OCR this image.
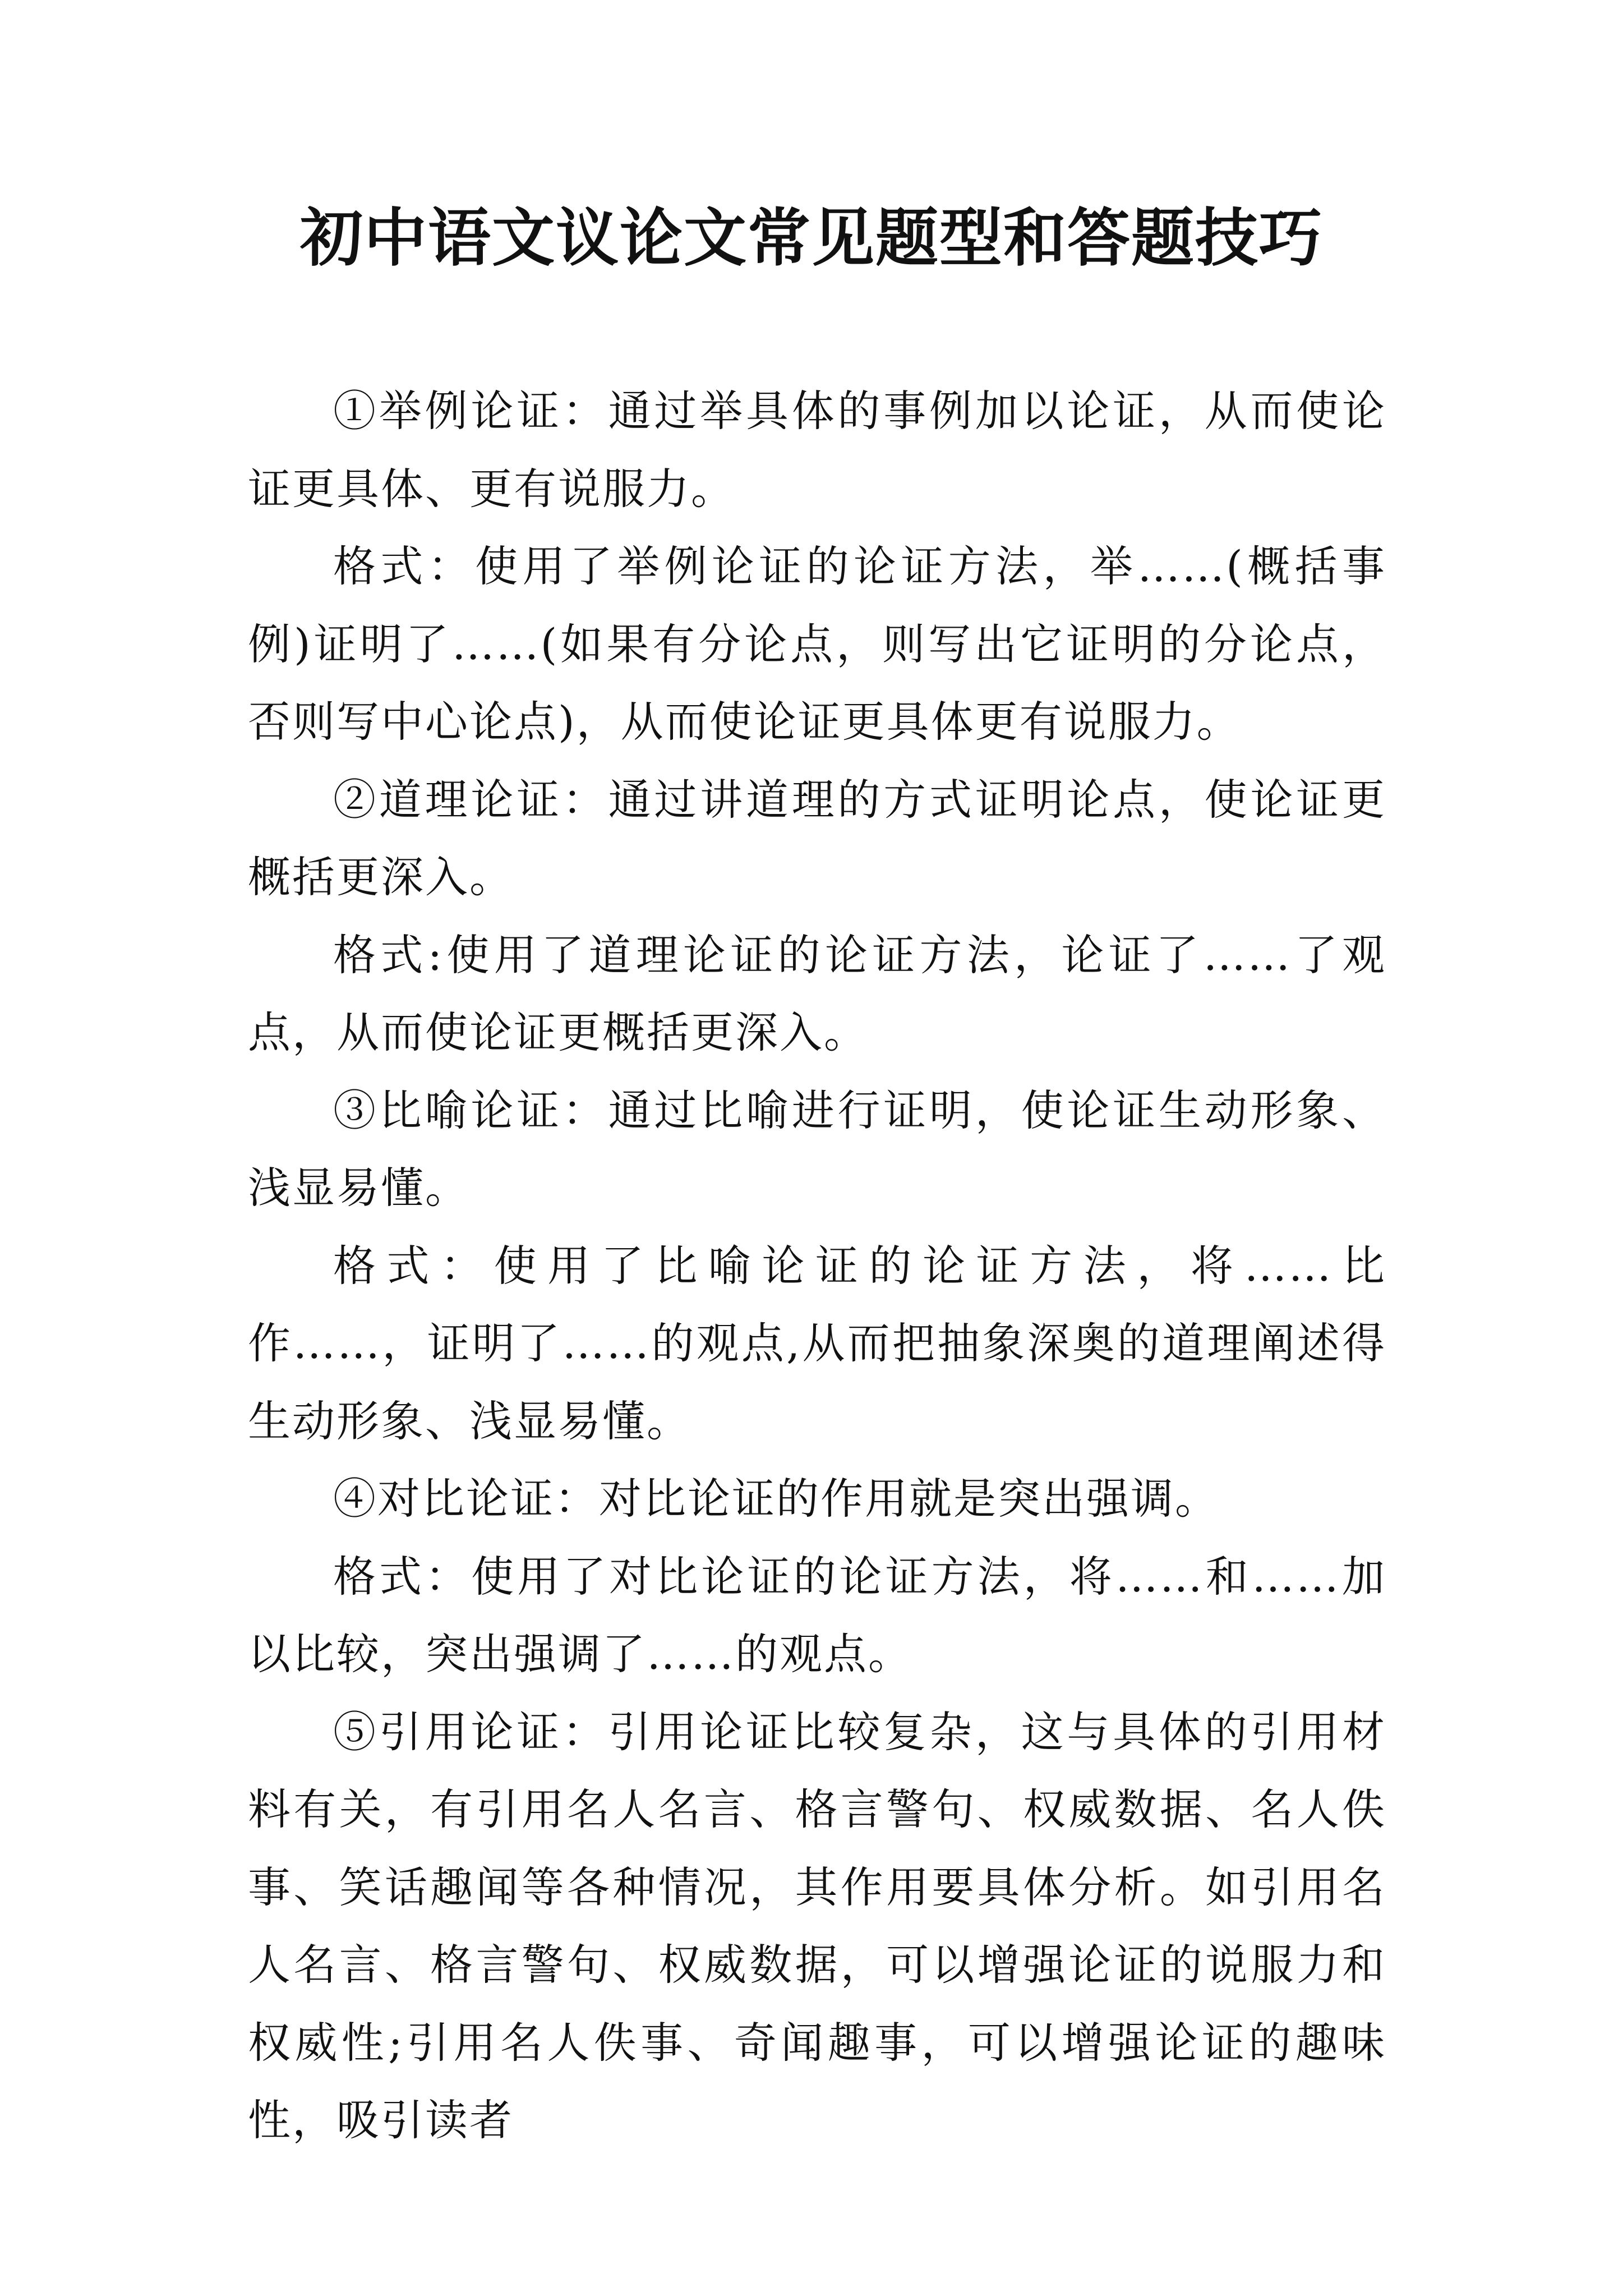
初中语文议论文常见题型和答题技巧

①举例论证：通过举具体的事例加以论证，从而使论证更具体、更有说服力。

格式：使用了举例论证的论证方法，举……(概括事例)证明了……(如果有分论点，则写出它证明的分论点，否则写中心论点)，从而使论证更具体更有说服力。

②道理论证：通过讲道理的方式证明论点，使论证更概括更深入。

格式:使用了道理论证的论证方法，论证了……了观点，从而使论证更概括更深入。

③比喻论证：通过比喻进行证明，使论证生动形象、浅显易懂。

格式：使用了比喻论证的论证方法，将……比作……，证明了……的观点,从而把抽象深奥的道理阐述得生动形象、浅显易懂。

④对比论证：对比论证的作用就是突出强调。

格式：使用了对比论证的论证方法，将……和……加以比较，突出强调了……的观点。

⑤引用论证：引用论证比较复杂，这与具体的引用材料有关，有引用名人名言、格言警句、权威数据、名人佚事、笑话趣闻等各种情况，其作用要具体分析。如引用名人名言、格言警句、权威数据，可以增强论证的说服力和权威性;引用名人佚事、奇闻趣事，可以增强论证的趣味性，吸引读者
